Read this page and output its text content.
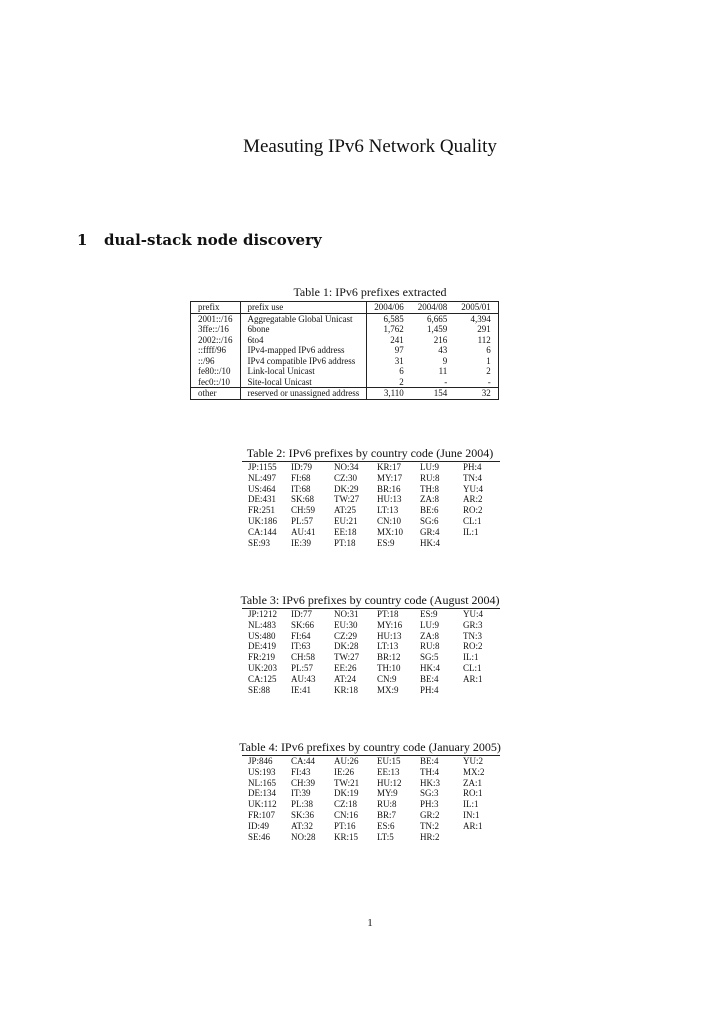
Measuting IPv6 Network Quality
1 dual-stack node discovery
Table 1: IPv6 prefixes extracted
prefix	prefix use	2004/06	2004/08	2005/01
2001::/16	Aggregatable Global Unicast	6,585	6,665	4,394
3ffe::/16	6bone	1,762	1,459	291
2002::/16	6to4	241	216	112
::ffff/96	IPv4-mapped IPv6 address	97	43	6
::/96	IPv4 compatible IPv6 address	31	9	1
fe80::/10	Link-local Unicast	6	11	2
fec0::/10	Site-local Unicast	2	-	-
other	reserved or unassigned address	3,110	154	32
Table 2: IPv6 prefixes by country code (June 2004)
JP:1155	ID:79	NO:34	KR:17	LU:9	PH:4
NL:497	FI:68	CZ:30	MY:17	RU:8	TN:4
US:464	IT:68	DK:29	BR:16	TH:8	YU:4
DE:431	SK:68	TW:27	HU:13	ZA:8	AR:2
FR:251	CH:59	AT:25	LT:13	BE:6	RO:2
UK:186	PL:57	EU:21	CN:10	SG:6	CL:1
CA:144	AU:41	EE:18	MX:10	GR:4	IL:1
SE:93	IE:39	PT:18	ES:9	HK:4	
Table 3: IPv6 prefixes by country code (August 2004)
JP:1212	ID:77	NO:31	PT:18	ES:9	YU:4
NL:483	SK:66	EU:30	MY:16	LU:9	GR:3
US:480	FI:64	CZ:29	HU:13	ZA:8	TN:3
DE:419	IT:63	DK:28	LT:13	RU:8	RO:2
FR:219	CH:58	TW:27	BR:12	SG:5	IL:1
UK:203	PL:57	EE:26	TH:10	HK:4	CL:1
CA:125	AU:43	AT:24	CN:9	BE:4	AR:1
SE:88	IE:41	KR:18	MX:9	PH:4	
Table 4: IPv6 prefixes by country code (January 2005)
JP:846	CA:44	AU:26	EU:15	BE:4	YU:2
US:193	FI:43	IE:26	EE:13	TH:4	MX:2
NL:165	CH:39	TW:21	HU:12	HK:3	ZA:1
DE:134	IT:39	DK:19	MY:9	SG:3	RO:1
UK:112	PL:38	CZ:18	RU:8	PH:3	IL:1
FR:107	SK:36	CN:16	BR:7	GR:2	IN:1
ID:49	AT:32	PT:16	ES:6	TN:2	AR:1
SE:46	NO:28	KR:15	LT:5	HR:2	
1
